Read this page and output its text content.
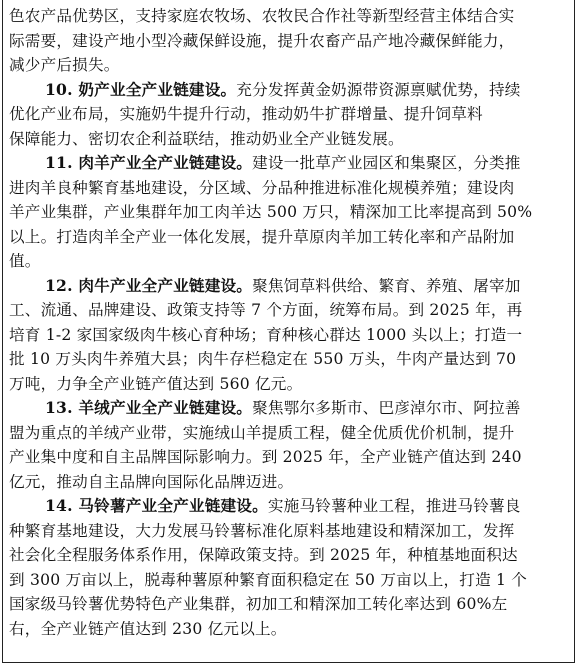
色农产品优势区，支持家庭农牧场、农牧民合作社等新型经营主体结合实
际需要，建设产地小型冷藏保鲜设施，提升农畜产品产地冷藏保鲜能力，
减少产后损失。
10. 奶产业全产业链建设。充分发挥黄金奶源带资源禀赋优势，持续
优化产业布局，实施奶牛提升行动，推动奶牛扩群增量、提升饲草料
保障能力、密切农企利益联结，推动奶业全产业链发展。
11. 肉羊产业全产业链建设。建设一批草产业园区和集聚区，分类推
进肉羊良种繁育基地建设，分区域、分品种推进标准化规模养殖；建设肉
羊产业集群，产业集群年加工肉羊达 500 万只，精深加工比率提高到 50%
以上。打造肉羊全产业一体化发展，提升草原肉羊加工转化率和产品附加
值。
12. 肉牛产业全产业链建设。聚焦饲草料供给、繁育、养殖、屠宰加
工、流通、品牌建设、政策支持等 7 个方面，统筹布局。到 2025 年，再
培育 1-2 家国家级肉牛核心育种场；育种核心群达 1000 头以上；打造一
批 10 万头肉牛养殖大县；肉牛存栏稳定在 550 万头，牛肉产量达到 70
万吨，力争全产业链产值达到 560 亿元。
13. 羊绒产业全产业链建设。聚焦鄂尔多斯市、巴彦淖尔市、阿拉善
盟为重点的羊绒产业带，实施绒山羊提质工程，健全优质优价机制，提升
产业集中度和自主品牌国际影响力。到 2025 年，全产业链产值达到 240
亿元，推动自主品牌向国际化品牌迈进。
14. 马铃薯产业全产业链建设。实施马铃薯种业工程，推进马铃薯良
种繁育基地建设，大力发展马铃薯标准化原料基地建设和精深加工，发挥
社会化全程服务体系作用，保障政策支持。到 2025 年，种植基地面积达
到 300 万亩以上，脱毒种薯原种繁育面积稳定在 50 万亩以上，打造 1 个
国家级马铃薯优势特色产业集群，初加工和精深加工转化率达到 60%左
右，全产业链产值达到 230 亿元以上。
